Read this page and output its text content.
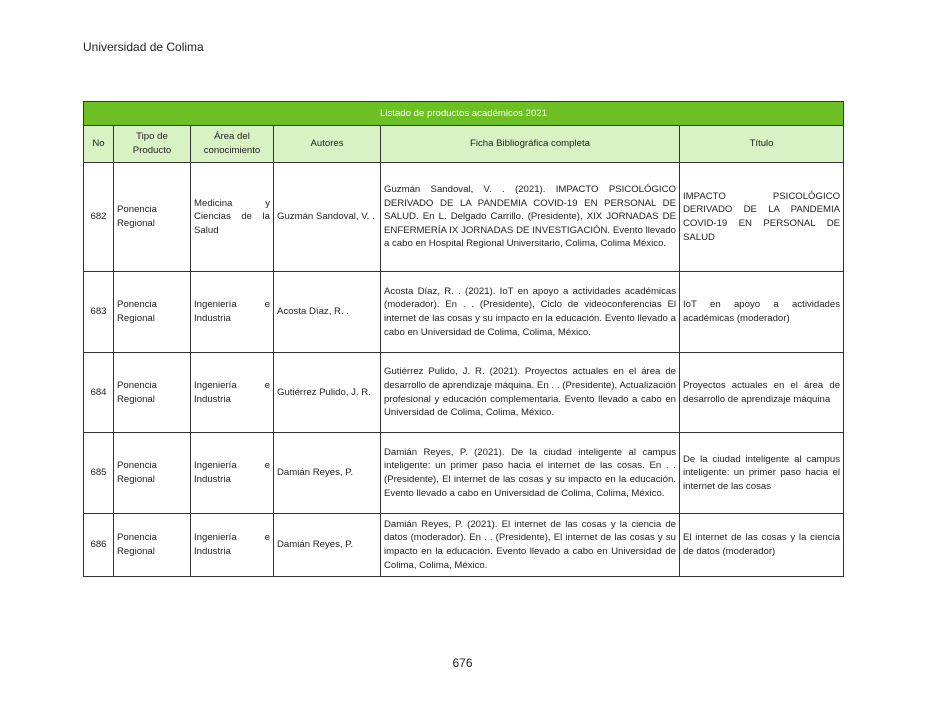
Universidad de Colima
Listado de productos académicos 2021					
No	Tipo de Producto	Área del conocimiento	Autores	Ficha Bibliográfica completa	Título
682	Ponencia Regional	Medicina y Ciencias de la Salud	Guzmán Sandoval, V. .	Guzmán Sandoval, V. . (2021). IMPACTO PSICOLÓGICO DERIVADO DE LA PANDEMIA COVID-19 EN PERSONAL DE SALUD. En L. Delgado Carrillo. (Presidente), XIX JORNADAS DE ENFERMERÍA IX JORNADAS DE INVESTIGACIÓN. Evento llevado a cabo en Hospital Regional Universitario, Colima, Colima México.	IMPACTO PSICOLÓGICO DERIVADO DE LA PANDEMIA COVID-19 EN PERSONAL DE SALUD
683	Ponencia Regional	Ingeniería e Industria	Acosta Díaz, R. .	Acosta Díaz, R. . (2021). IoT en apoyo a actividades académicas (moderador). En . . (Presidente), Ciclo de videoconferencias El internet de las cosas y su impacto en la educación. Evento llevado a cabo en Universidad de Colima, Colima, México.	IoT en apoyo a actividades académicas (moderador)
684	Ponencia Regional	Ingeniería e Industria	Gutiérrez Pulido, J. R.	Gutiérrez Pulido, J. R. (2021). Proyectos actuales en el área de desarrollo de aprendizaje máquina. En . . (Presidente), Actualización profesional y educación complementaria. Evento llevado a cabo en Universidad de Colima, Colima, México.	Proyectos actuales en el área de desarrollo de aprendizaje máquina
685	Ponencia Regional	Ingeniería e Industria	Damián Reyes, P.	Damián Reyes, P. (2021). De la ciudad inteligente al campus inteligente: un primer paso hacia el internet de las cosas. En . . (Presidente), El internet de las cosas y su impacto en la educación. Evento llevado a cabo en Universidad de Colima, Colima, México.	De la ciudad inteligente al campus inteligente: un primer paso hacia el internet de las cosas
686	Ponencia Regional	Ingeniería e Industria	Damián Reyes, P.	Damián Reyes, P. (2021). El internet de las cosas y la ciencia de datos (moderador). En . . (Presidente), El internet de las cosas y su impacto en la educación. Evento llevado a cabo en Universidad de Colima, Colima, México.	El internet de las cosas y la ciencia de datos (moderador)
676
